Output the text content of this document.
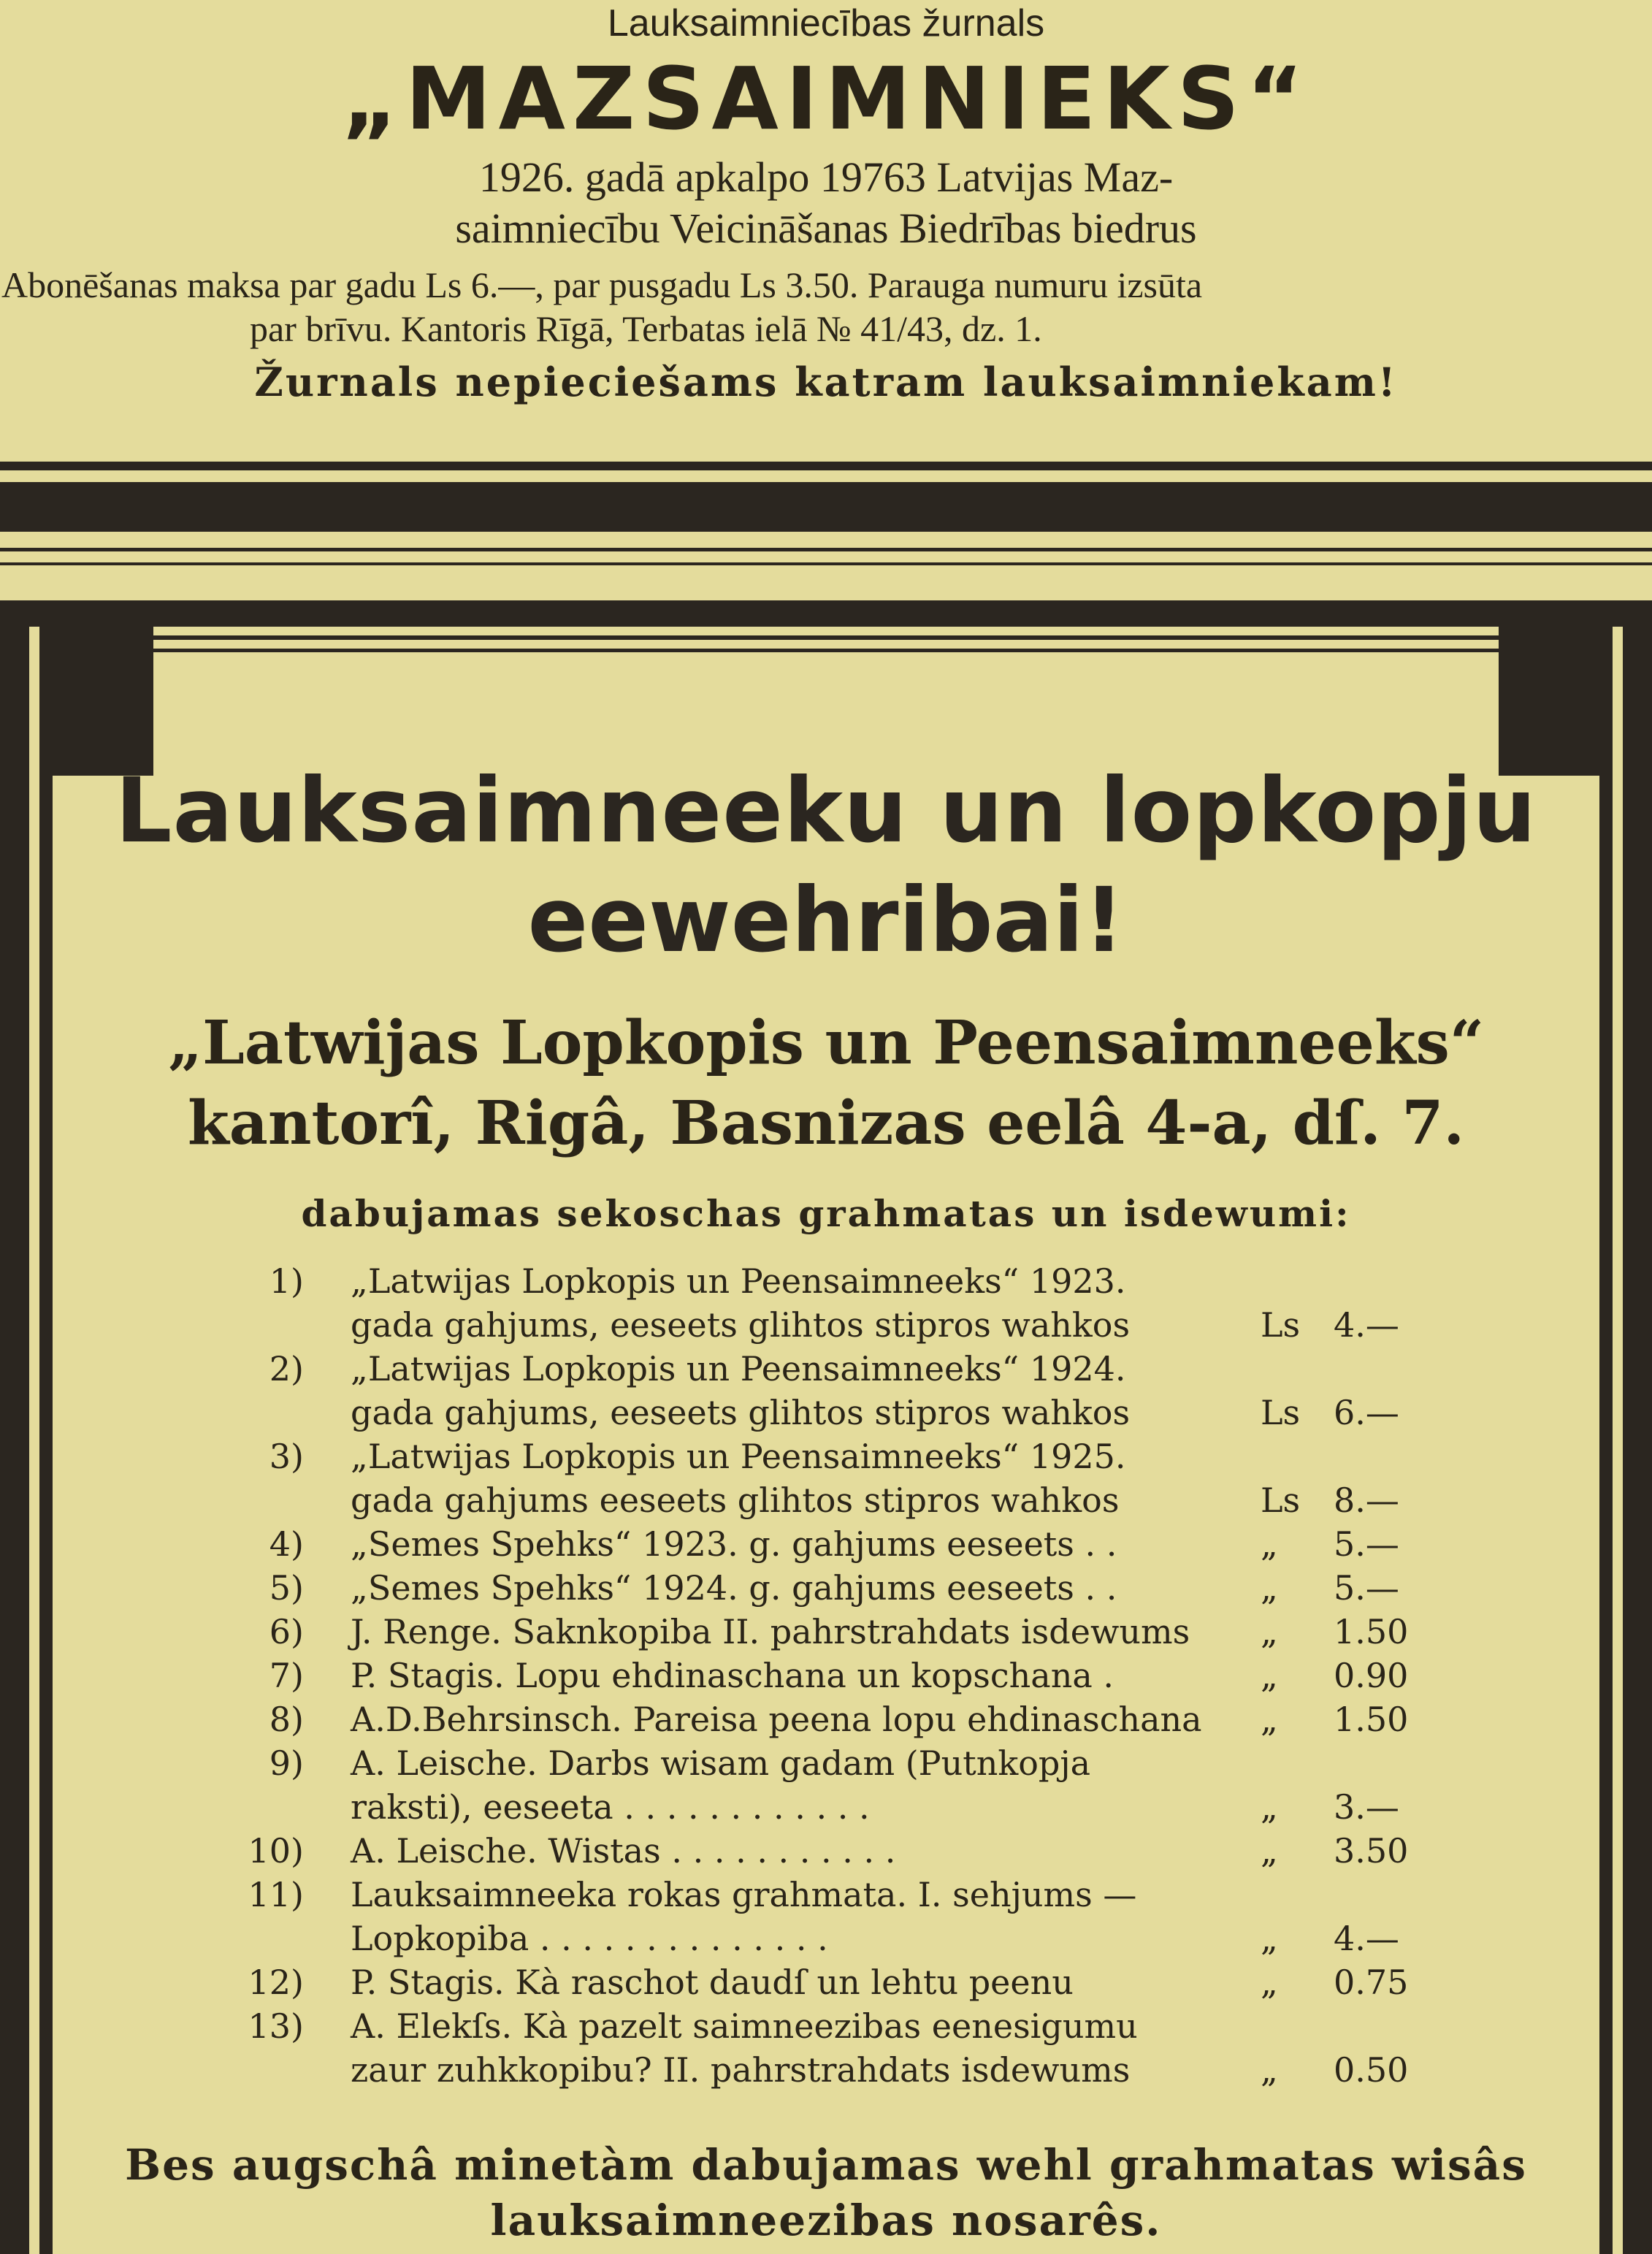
Lauksaimniecības žurnals
„MAZSAIMNIEKS“
1926. gadā apkalpo 19763 Latvijas Maz-
saimniecību Veicināšanas Biedrības biedrus
Abonēšanas maksa par gadu Ls 6.—, par pusgadu Ls 3.50. Parauga numuru izsūta
par brīvu. Kantoris Rīgā, Terbatas ielā № 41/43, dz. 1.
Žurnals nepieciešams katram lauksaimniekam!
Lauksaimneeku un lopkopju
eewehribai!
„Latwijas Lopkopis un Peensaimneeks“
kantorî, Rigâ, Basnizas eelâ 4-a, dſ. 7.
dabujamas sekoschas grahmatas un isdewumi:
1) „Latwijas Lopkopis un Peensaimneeks“ 1923.
gada gahjums, eeseets glihtos stipros wahkos	Ls 4.—
2) „Latwijas Lopkopis un Peensaimneeks“ 1924.
gada gahjums, eeseets glihtos stipros wahkos	Ls 6.—
3) „Latwijas Lopkopis un Peensaimneeks“ 1925.
gada gahjums eeseets glihtos stipros wahkos	Ls 8.—
4) „Semes Spehks“ 1923. g. gahjums eeseets . .	„ 5.—
5) „Semes Spehks“ 1924. g. gahjums eeseets . .	„ 5.—
6) J. Renge. Saknkopiba II. pahrstrahdats isdewums „ 1.50
7) P. Stagis. Lopu ehdinaschana un kopschana .	„ 0.90
8) A.D.Behrsinsch. Pareisa peena lopu ehdinaschana „ 1.50
9) A. Leische. Darbs wisam gadam (Putnkopja
raksti), eeseeta . . . . . . . . . . . .	„ 3.—
10) A. Leische. Wistas . . . . . . . . . . .	„ 3.50
11) Lauksaimneeka rokas grahmata. I. sehjums —
Lopkopiba . . . . . . . . . . . . . .	„ 4.—
12) P. Stagis. Kà raschot daudſ un lehtu peenu	„ 0.75
13) A. Elekſs. Kà pazelt saimneezibas eenesigumu
zaur zuhkkopibu? II. pahrstrahdats isdewums	„ 0.50
Bes augschâ minetàm dabujamas wehl grahmatas wisâs
lauksaimneezibas nosarês.
